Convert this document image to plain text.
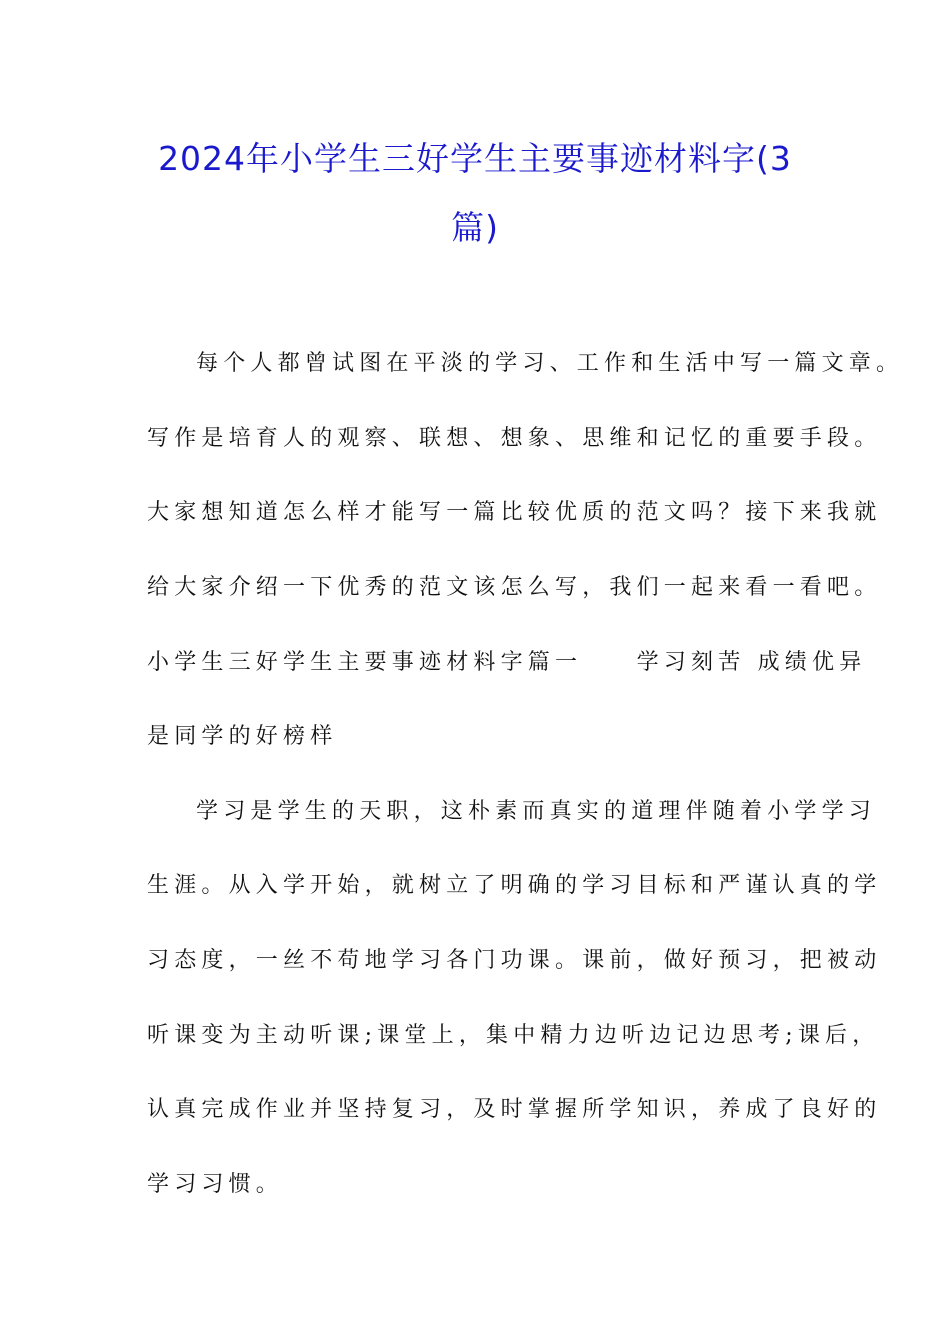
2024年小学生三好学生主要事迹材料字(3
篇)
每个人都曾试图在平淡的学习、工作和生活中写一篇文章。
写作是培育人的观察、联想、想象、思维和记忆的重要手段。
大家想知道怎么样才能写一篇比较优质的范文吗？接下来我就
给大家介绍一下优秀的范文该怎么写，我们一起来看一看吧。
小学生三好学生主要事迹材料字篇一　　学习刻苦 成绩优异
是同学的好榜样
学习是学生的天职，这朴素而真实的道理伴随着小学学习
生涯。从入学开始，就树立了明确的学习目标和严谨认真的学
习态度，一丝不苟地学习各门功课。课前，做好预习，把被动
听课变为主动听课;课堂上，集中精力边听边记边思考;课后，
认真完成作业并坚持复习，及时掌握所学知识，养成了良好的
学习习惯。
